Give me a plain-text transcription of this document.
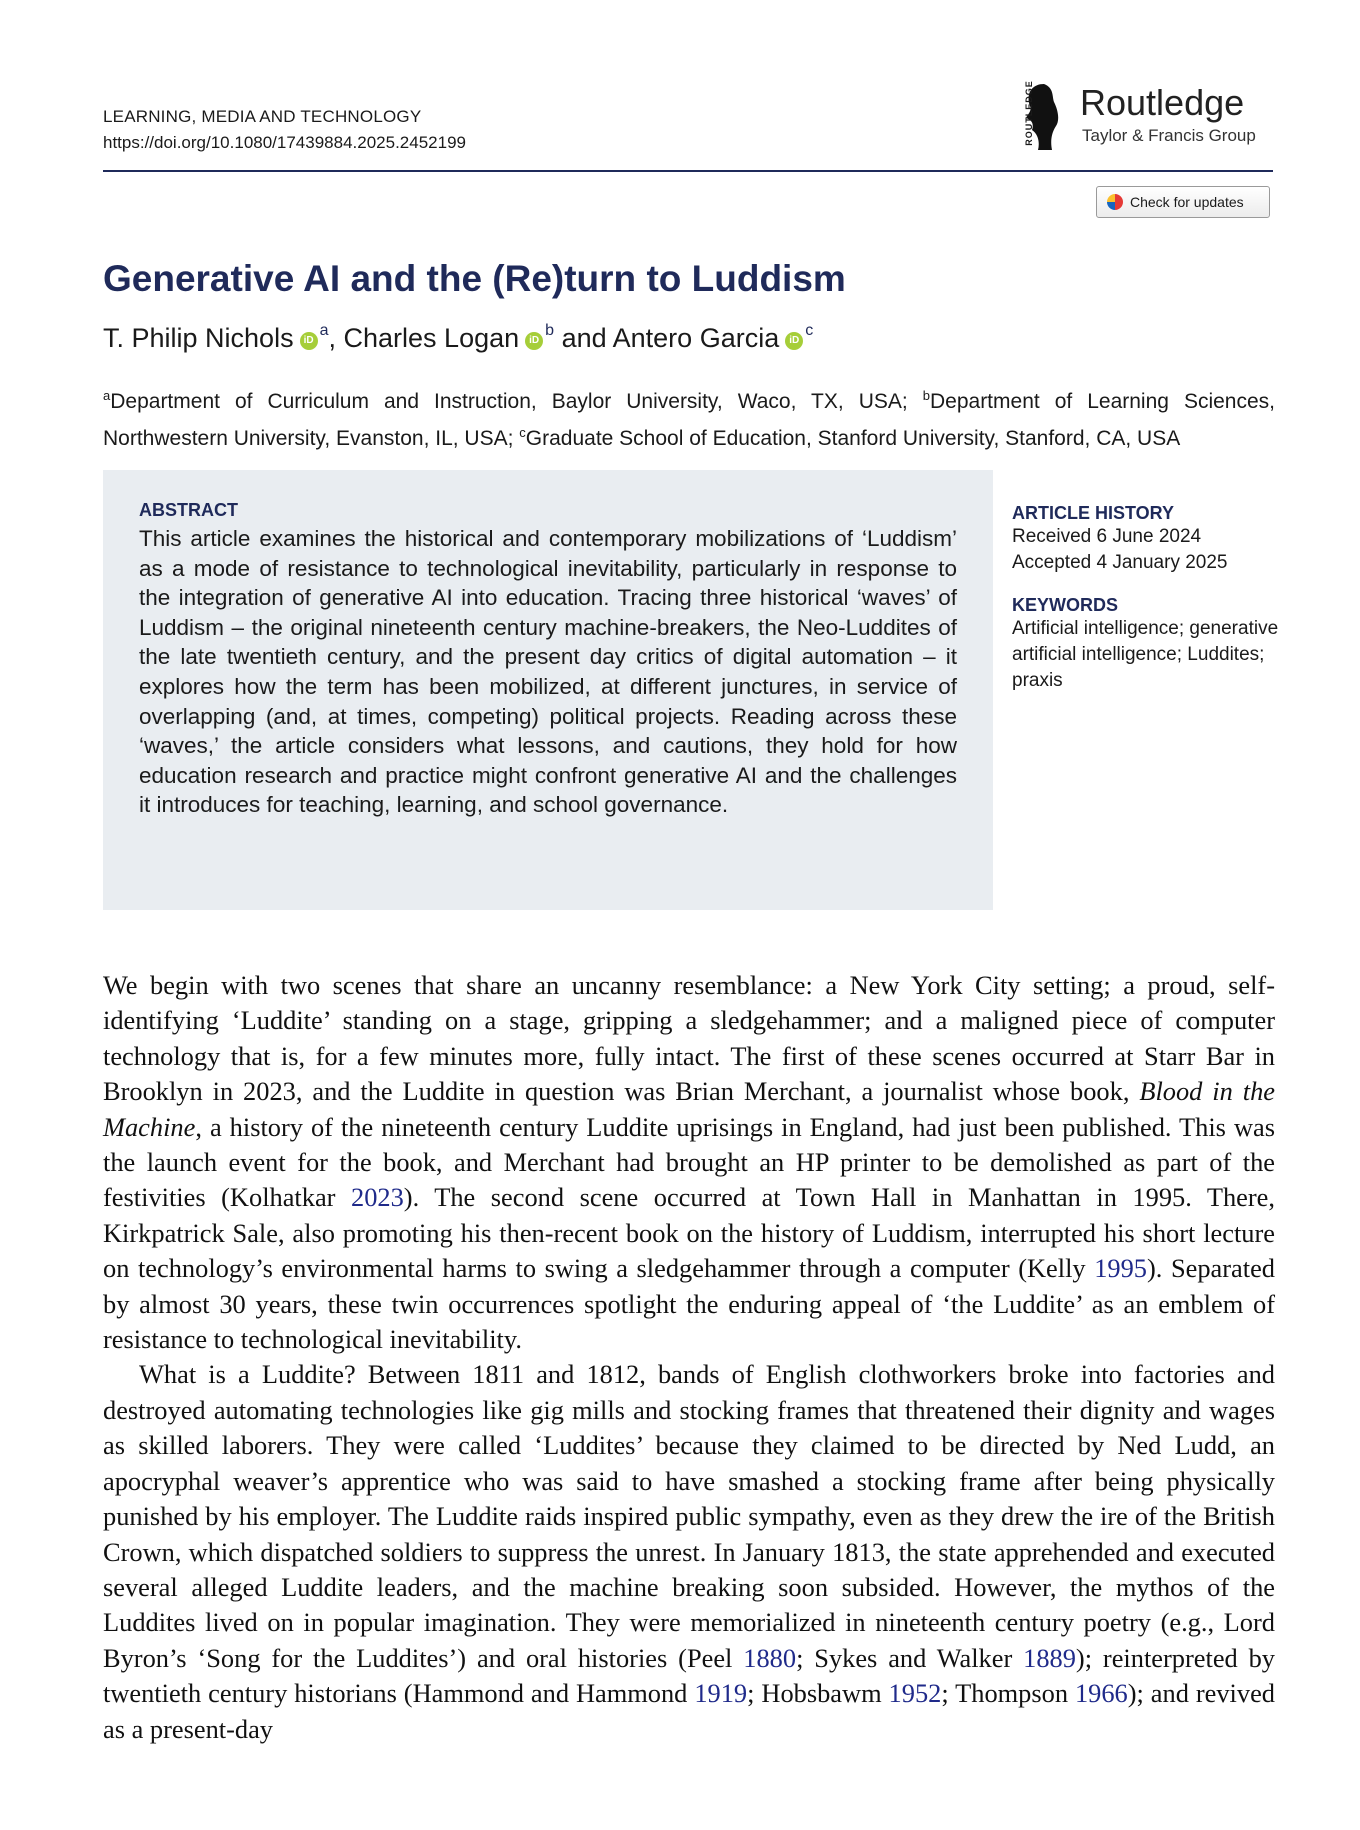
LEARNING, MEDIA AND TECHNOLOGY
https://doi.org/10.1080/17439884.2025.2452199	ROUTLEDGE Routledge
Taylor & Francis Group
Check for updates
Generative AI and the (Re)turn to Luddism
T. Philip Nichols iD$^a$, Charles Logan iD$^b$ and Antero Garcia iD$^c$
$^a$Department of Curriculum and Instruction, Baylor University, Waco, TX, USA; $^b$Department of Learning Sciences, Northwestern University, Evanston, IL, USA; $^c$Graduate School of Education, Stanford University, Stanford, CA, USA
ABSTRACT
This article examines the historical and contemporary mobilizations of ‘Luddism’ as a mode of resistance to technological inevitability, particularly in response to the integration of generative AI into education. Tracing three historical ‘waves’ of Luddism – the original nineteenth century machine-breakers, the Neo-Luddites of the late twentieth century, and the present day critics of digital automation – it explores how the term has been mobilized, at different junctures, in service of overlapping (and, at times, competing) political projects. Reading across these ‘waves,’ the article considers what lessons, and cautions, they hold for how education research and practice might confront generative AI and the challenges it introduces for teaching, learning, and school governance.
ARTICLE HISTORY
Received 6 June 2024
Accepted 4 January 2025
KEYWORDS
Artificial intelligence; generative artificial intelligence; Luddites; praxis

We begin with two scenes that share an uncanny resemblance: a New York City setting; a proud, self-identifying ‘Luddite’ standing on a stage, gripping a sledgehammer; and a maligned piece of computer technology that is, for a few minutes more, fully intact. The first of these scenes occurred at Starr Bar in Brooklyn in 2023, and the Luddite in question was Brian Merchant, a journalist whose book, Blood in the Machine, a history of the nineteenth century Luddite uprisings in England, had just been published. This was the launch event for the book, and Merchant had brought an HP printer to be demolished as part of the festivities (Kolhatkar 2023). The second scene occurred at Town Hall in Manhattan in 1995. There, Kirkpatrick Sale, also promoting his then-recent book on the history of Luddism, interrupted his short lecture on technology’s environmental harms to swing a sledgehammer through a computer (Kelly 1995). Separated by almost 30 years, these twin occurrences spotlight the enduring appeal of ‘the Luddite’ as an emblem of resistance to technological inevitability.

What is a Luddite? Between 1811 and 1812, bands of English clothworkers broke into factories and destroyed automating technologies like gig mills and stocking frames that threatened their dignity and wages as skilled laborers. They were called ‘Luddites’ because they claimed to be directed by Ned Ludd, an apocryphal weaver’s apprentice who was said to have smashed a stocking frame after being physically punished by his employer. The Luddite raids inspired public sympathy, even as they drew the ire of the British Crown, which dispatched soldiers to suppress the unrest. In January 1813, the state apprehended and executed several alleged Luddite leaders, and the machine breaking soon subsided. However, the mythos of the Luddites lived on in popular imagination. They were memorialized in nineteenth century poetry (e.g., Lord Byron’s ‘Song for the Luddites’) and oral histories (Peel 1880; Sykes and Walker 1889); reinterpreted by twentieth century historians (Hammond and Hammond 1919; Hobsbawm 1952; Thompson 1966); and revived as a present-day
